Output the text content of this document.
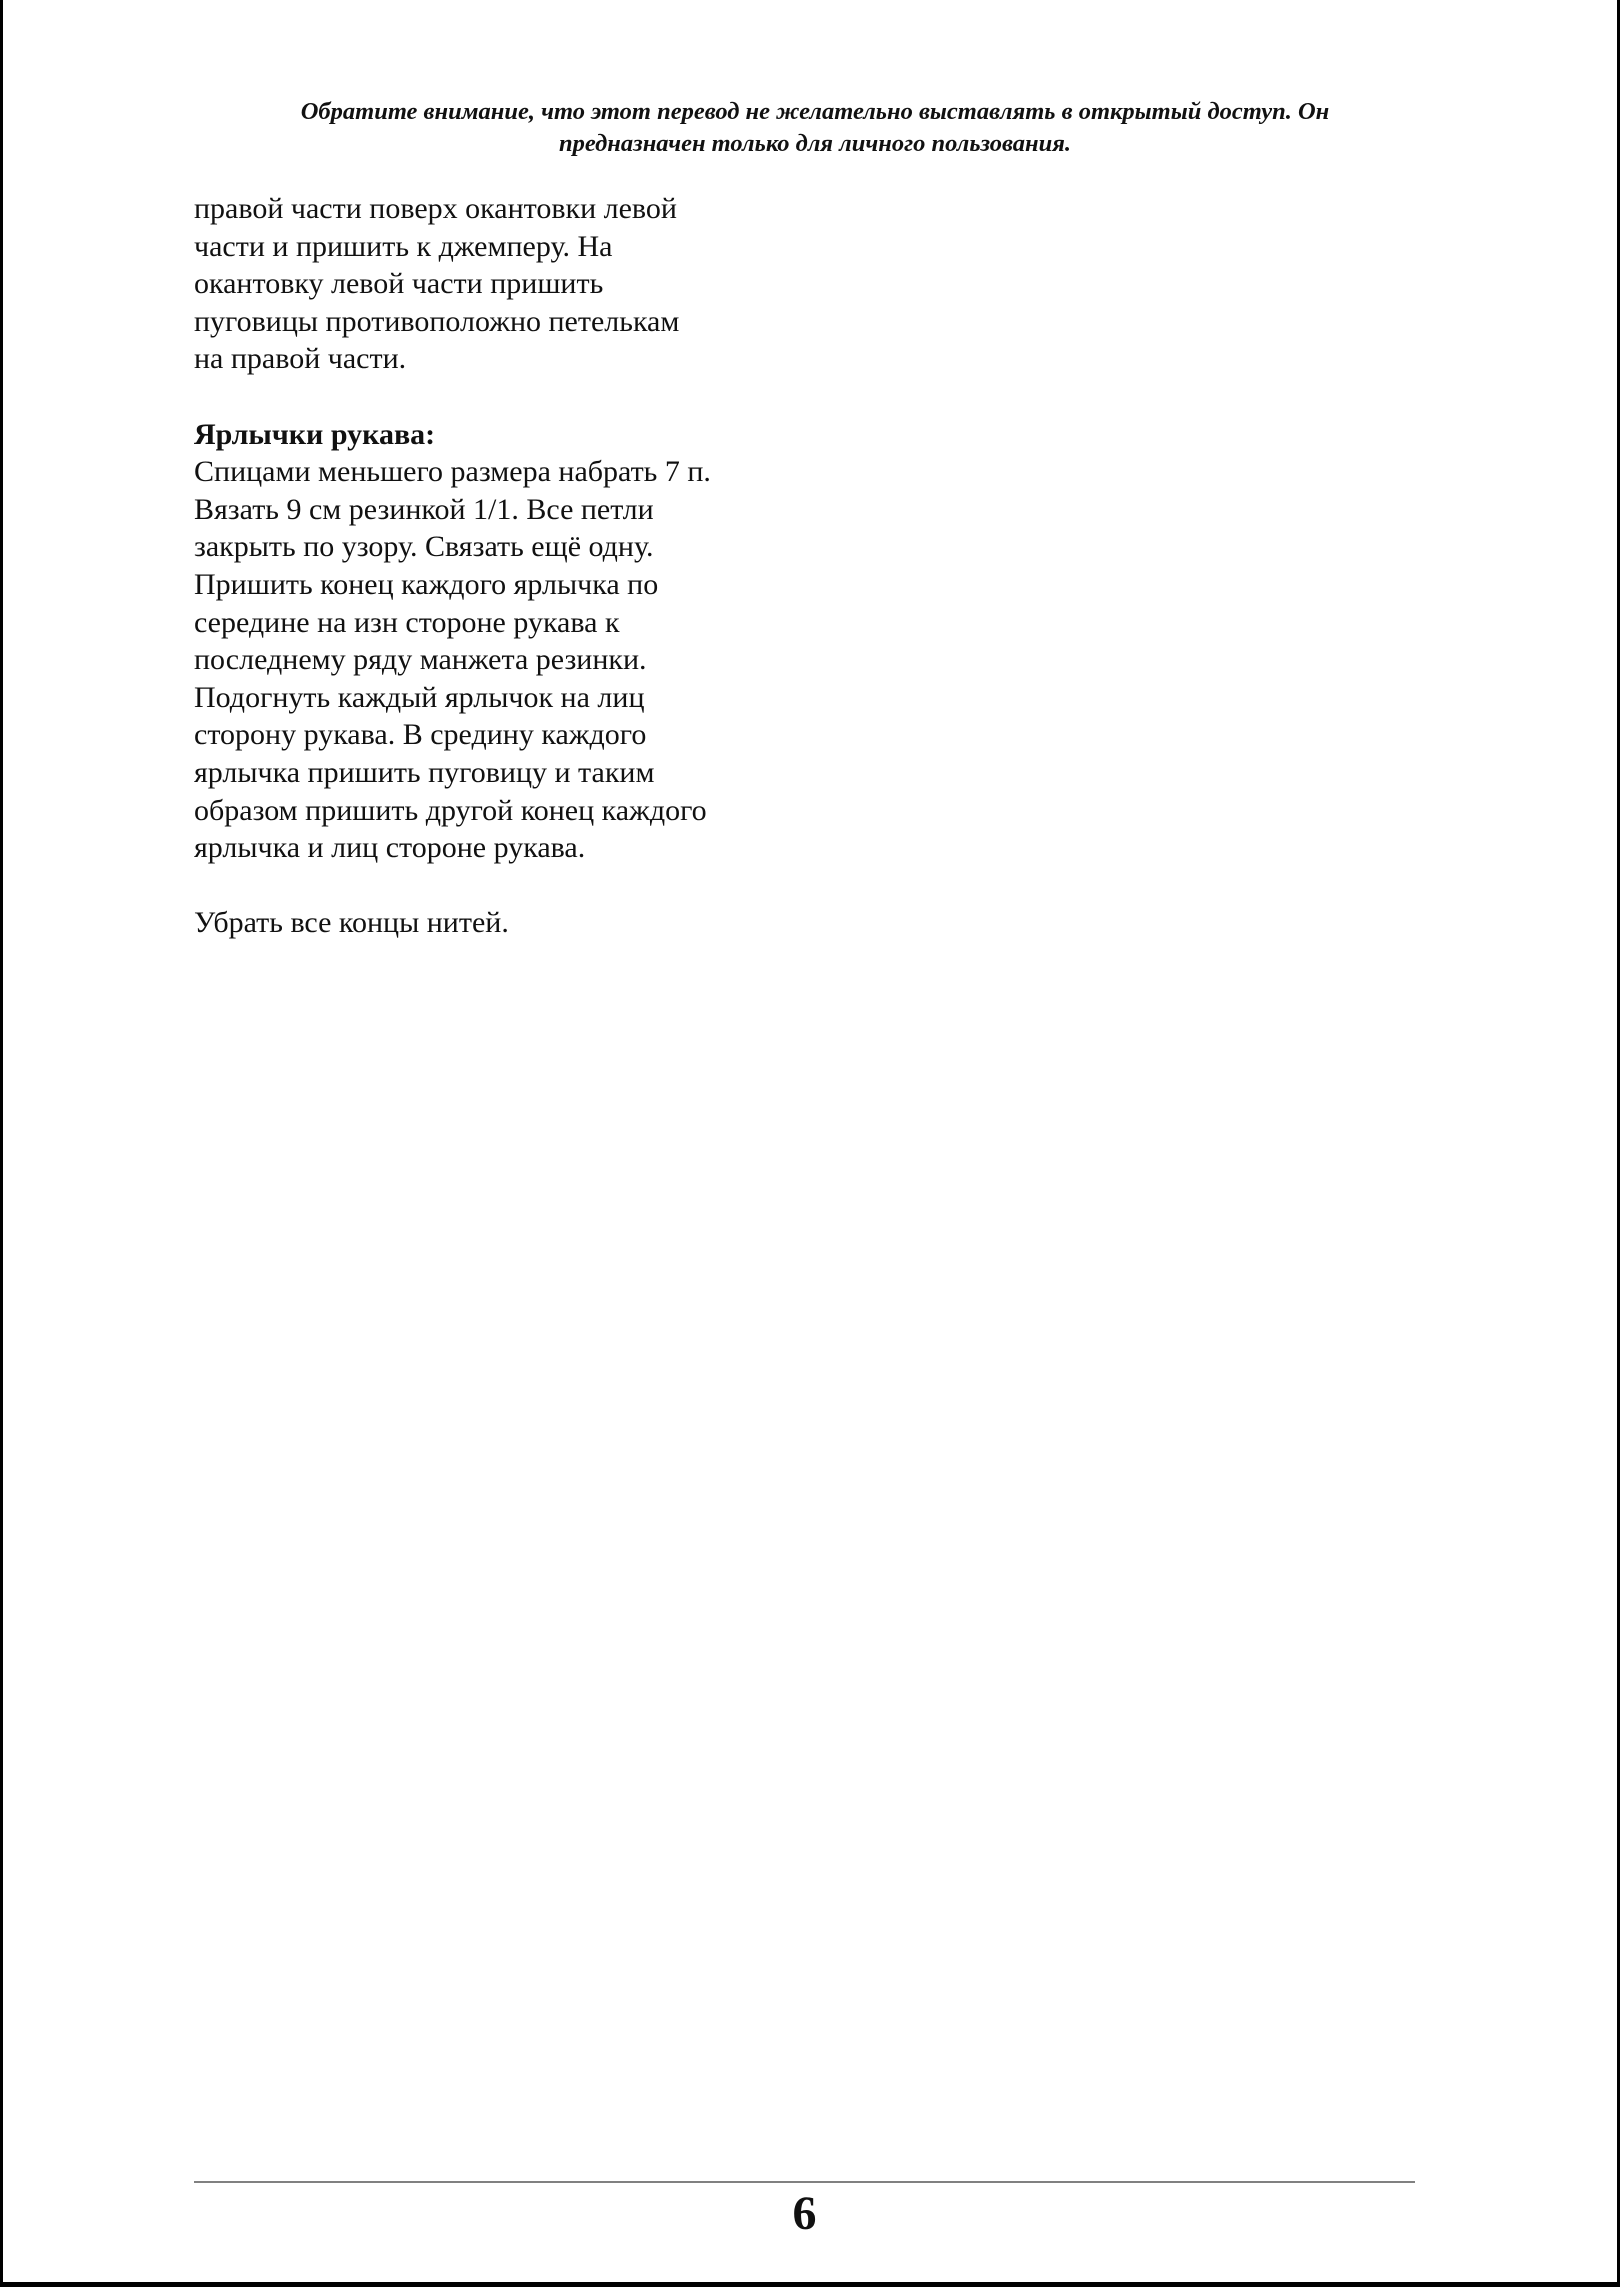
Обратите внимание, что этот перевод не желательно выставлять в открытый доступ. Он
предназначен только для личного пользования.

правой части поверх окантовки левой

части и пришить к джемперу. На

окантовку левой части пришить

пуговицы противоположно петелькам

на правой части.

Ярлычки рукава:

Спицами меньшего размера набрать 7 п.

Вязать 9 см резинкой 1/1. Все петли

закрыть по узору. Связать ещё одну.

Пришить конец каждого ярлычка по

середине на изн стороне рукава к

последнему ряду манжета резинки.

Подогнуть каждый ярлычок на лиц

сторону рукава. В средину каждого

ярлычка пришить пуговицу и таким

образом пришить другой конец каждого

ярлычка и лиц стороне рукава.

Убрать все концы нитей.

6
